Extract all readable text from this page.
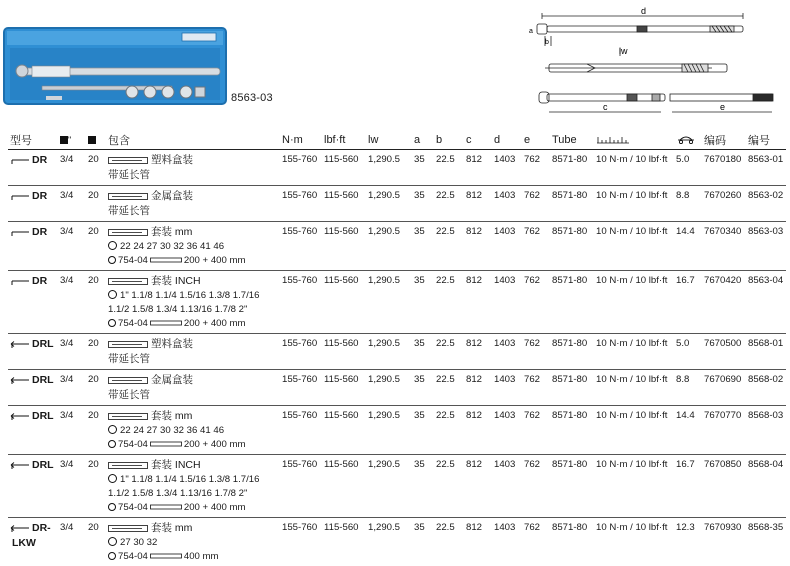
8563-03
d
lw
c	e
a
b
型号	"		包含	N·m	lbf·ft	lw	a	b	c	d	e	Tube			编码	编号
DR	3/4	20	塑料盒装
带延长管	155-760	115-560	1,290.5	35	22.5	812	1403	762	8571-80	10 N·m / 10 lbf·ft	5.0	7670180	8563-01
DR	3/4	20	金属盒装
带延长管	155-760	115-560	1,290.5	35	22.5	812	1403	762	8571-80	10 N·m / 10 lbf·ft	8.8	7670260	8563-02
DR	3/4	20	套装 mm
22 24 27 30 32 36 41 46
754-04 200 + 400 mm	155-760	115-560	1,290.5	35	22.5	812	1403	762	8571-80	10 N·m / 10 lbf·ft	14.4	7670340	8563-03
DR	3/4	20	套装 INCH
1" 1.1/8 1.1/4 1.5/16 1.3/8 1.7/16
1.1/2 1.5/8 1.3/4 1.13/16 1.7/8 2"
754-04 200 + 400 mm	155-760	115-560	1,290.5	35	22.5	812	1403	762	8571-80	10 N·m / 10 lbf·ft	16.7	7670420	8563-04
DRL	3/4	20	塑料盒装
带延长管	155-760	115-560	1,290.5	35	22.5	812	1403	762	8571-80	10 N·m / 10 lbf·ft	5.0	7670500	8568-01
DRL	3/4	20	金属盒装
带延长管	155-760	115-560	1,290.5	35	22.5	812	1403	762	8571-80	10 N·m / 10 lbf·ft	8.8	7670690	8568-02
DRL	3/4	20	套装 mm
22 24 27 30 32 36 41 46
754-04 200 + 400 mm	155-760	115-560	1,290.5	35	22.5	812	1403	762	8571-80	10 N·m / 10 lbf·ft	14.4	7670770	8568-03
DRL	3/4	20	套装 INCH
1" 1.1/8 1.1/4 1.5/16 1.3/8 1.7/16
1.1/2 1.5/8 1.3/4 1.13/16 1.7/8 2"
754-04 200 + 400 mm	155-760	115-560	1,290.5	35	22.5	812	1403	762	8571-80	10 N·m / 10 lbf·ft	16.7	7670850	8568-04
DR-
LKW	3/4	20	套装 mm
27 30 32
754-04 400 mm	155-760	115-560	1,290.5	35	22.5	812	1403	762	8571-80	10 N·m / 10 lbf·ft	12.3	7670930	8568-35
